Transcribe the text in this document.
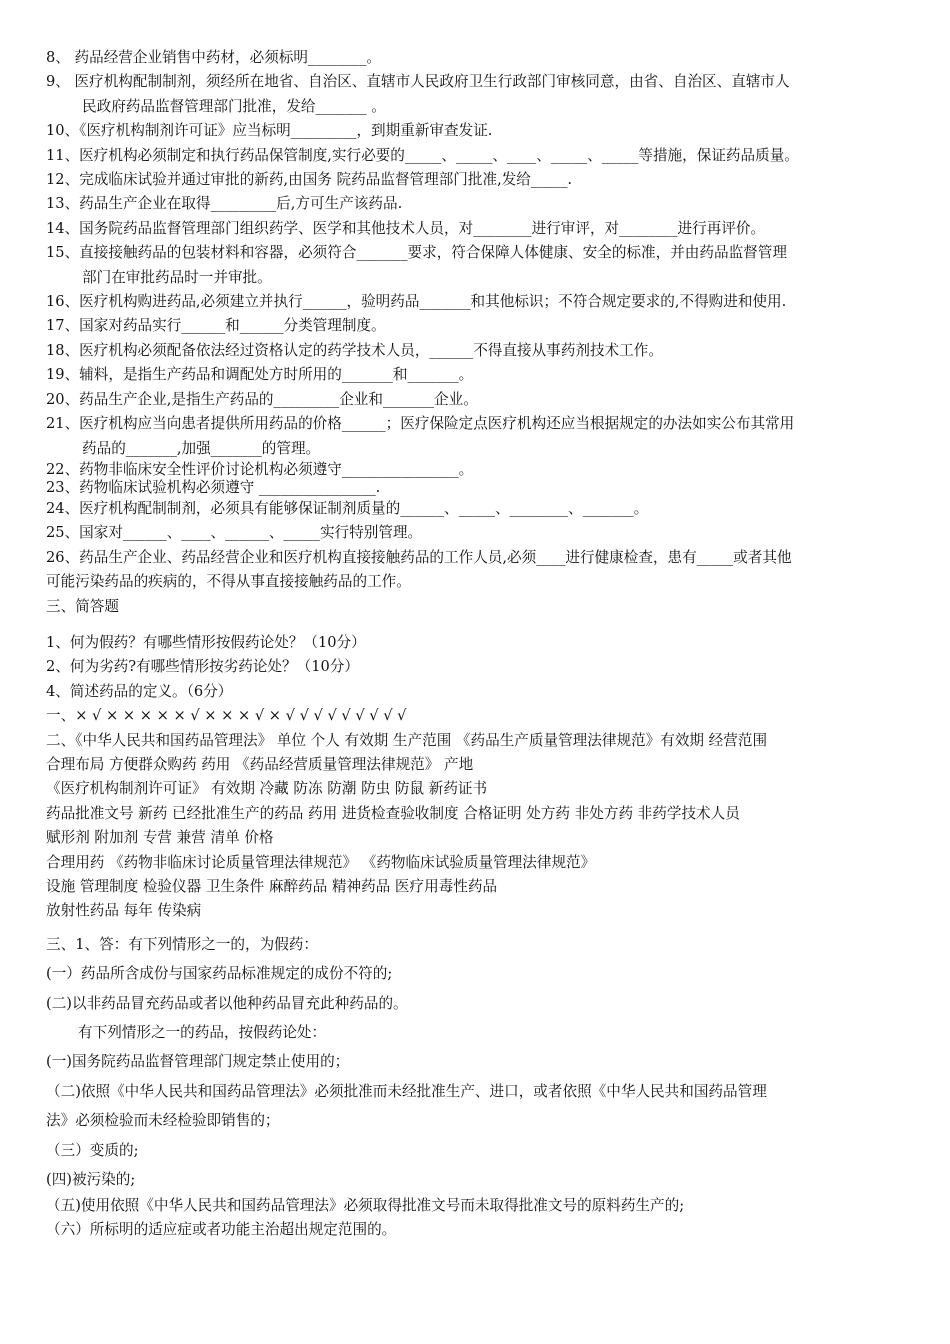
8、 药品经营企业销售中药材，必须标明________。
9、 医疗机构配制制剂，须经所在地省、自治区、直辖市人民政府卫生行政部门审核同意，由省、自治区、直辖市人
民政府药品监督管理部门批准，发给_______ 。
10、《医疗机构制剂许可证》应当标明_________，到期重新审查发证.
11、医疗机构必须制定和执行药品保管制度,实行必要的_____、_____、____、_____、_____等措施，保证药品质量。
12、完成临床试验并通过审批的新药,由国务 院药品监督管理部门批准,发给_____.
13、药品生产企业在取得_________后,方可生产该药品.
14、国务院药品监督管理部门组织药学、医学和其他技术人员，对________进行审评，对________进行再评价。
15、直接接触药品的包装材料和容器，必须符合_______要求，符合保障人体健康、安全的标准，并由药品监督管理
部门在审批药品时一并审批。
16、医疗机构购进药品,必须建立并执行______，验明药品_______和其他标识；不符合规定要求的,不得购进和使用.
17、国家对药品实行______和______分类管理制度。
18、医疗机构必须配备依法经过资格认定的药学技术人员，______不得直接从事药剂技术工作。
19、辅料，是指生产药品和调配处方时所用的_______和_______。
20、药品生产企业,是指生产药品的_________企业和_______企业。
21、医疗机构应当向患者提供所用药品的价格______；医疗保险定点医疗机构还应当根据规定的办法如实公布其常用
药品的_______,加强_______的管理。
22、药物非临床安全性评价讨论机构必须遵守________________。
23、药物临床试验机构必须遵守 ________________.
24、医疗机构配制制剂，必须具有能够保证制剂质量的______、_____、________、_______。
25、国家对______、____、______、_____实行特别管理。
26、药品生产企业、药品经营企业和医疗机构直接接触药品的工作人员,必须____进行健康检查，患有_____或者其他
可能污染药品的疾病的，不得从事直接接触药品的工作。
三、简答题
1、何为假药？有哪些情形按假药论处？（10分）
2、何为劣药?有哪些情形按劣药论处？（10分）
4、简述药品的定义。（6分）
一、× √ × × × × × √ × × × √ × √ √ √ √ √ √ √ √ √
二、《中华人民共和国药品管理法》 单位 个人 有效期 生产范围 《药品生产质量管理法律规范》有效期 经营范围
合理布局 方便群众购药 药用 《药品经营质量管理法律规范》 产地
《医疗机构制剂许可证》 有效期 冷藏 防冻 防潮 防虫 防鼠 新药证书
药品批准文号 新药 已经批准生产的药品 药用 进货检查验收制度 合格证明 处方药 非处方药 非药学技术人员
赋形剂 附加剂 专营 兼营 清单 价格
合理用药 《药物非临床讨论质量管理法律规范》 《药物临床试验质量管理法律规范》
设施 管理制度 检验仪器 卫生条件 麻醉药品 精神药品 医疗用毒性药品
放射性药品 每年 传染病
三、1、答：有下列情形之一的，为假药：
(一）药品所含成份与国家药品标准规定的成份不符的;
(二)以非药品冒充药品或者以他种药品冒充此种药品的。
有下列情形之一的药品，按假药论处：
(一)国务院药品监督管理部门规定禁止使用的；
（二)依照《中华人民共和国药品管理法》必须批准而未经批准生产、进口，或者依照《中华人民共和国药品管理
法》必须检验而未经检验即销售的；
（三）变质的;
(四)被污染的;
（五)使用依照《中华人民共和国药品管理法》必须取得批准文号而未取得批准文号的原料药生产的;
（六）所标明的适应症或者功能主治超出规定范围的。
